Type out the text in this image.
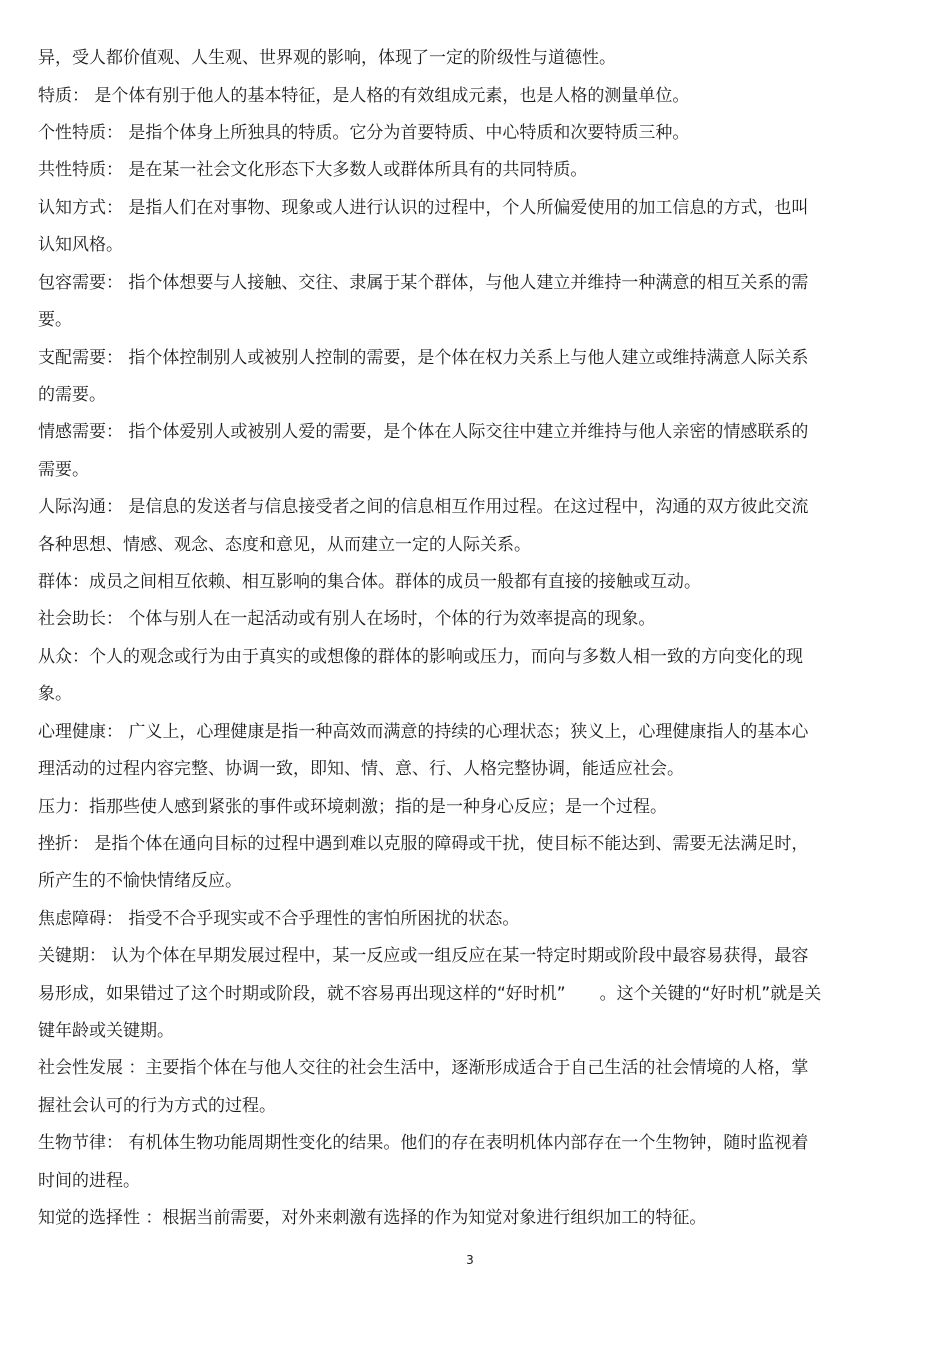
异，受人都价值观、人生观、世界观的影响，体现了一定的阶级性与道德性。
特质： 是个体有别于他人的基本特征，是人格的有效组成元素，也是人格的测量单位。
个性特质： 是指个体身上所独具的特质。它分为首要特质、中心特质和次要特质三种。
共性特质： 是在某一社会文化形态下大多数人或群体所具有的共同特质。
认知方式： 是指人们在对事物、现象或人进行认识的过程中，个人所偏爱使用的加工信息的方式，也叫
认知风格。
包容需要： 指个体想要与人接触、交往、隶属于某个群体，与他人建立并维持一种满意的相互关系的需
要。
支配需要： 指个体控制别人或被别人控制的需要，是个体在权力关系上与他人建立或维持满意人际关系
的需要。
情感需要： 指个体爱别人或被别人爱的需要，是个体在人际交往中建立并维持与他人亲密的情感联系的
需要。
人际沟通： 是信息的发送者与信息接受者之间的信息相互作用过程。在这过程中，沟通的双方彼此交流
各种思想、情感、观念、态度和意见，从而建立一定的人际关系。
群体：成员之间相互依赖、相互影响的集合体。群体的成员一般都有直接的接触或互动。
社会助长： 个体与别人在一起活动或有别人在场时，个体的行为效率提高的现象。
从众：个人的观念或行为由于真实的或想像的群体的影响或压力，而向与多数人相一致的方向变化的现
象。
心理健康： 广义上，心理健康是指一种高效而满意的持续的心理状态；狭义上，心理健康指人的基本心
理活动的过程内容完整、协调一致，即知、情、意、行、人格完整协调，能适应社会。
压力：指那些使人感到紧张的事件或环境刺激；指的是一种身心反应；是一个过程。
挫折： 是指个体在通向目标的过程中遇到难以克服的障碍或干扰，使目标不能达到、需要无法满足时，
所产生的不愉快情绪反应。
焦虑障碍： 指受不合乎现实或不合乎理性的害怕所困扰的状态。
关键期： 认为个体在早期发展过程中，某一反应或一组反应在某一特定时期或阶段中最容易获得，最容
易形成，如果错过了这个时期或阶段，就不容易再出现这样的“好时机”　　。这个关键的“好时机”就是关
键年龄或关键期。
社会性发展 ：主要指个体在与他人交往的社会生活中，逐渐形成适合于自己生活的社会情境的人格，掌
握社会认可的行为方式的过程。
生物节律： 有机体生物功能周期性变化的结果。他们的存在表明机体内部存在一个生物钟，随时监视着
时间的进程。
知觉的选择性 ：根据当前需要，对外来刺激有选择的作为知觉对象进行组织加工的特征。
3
